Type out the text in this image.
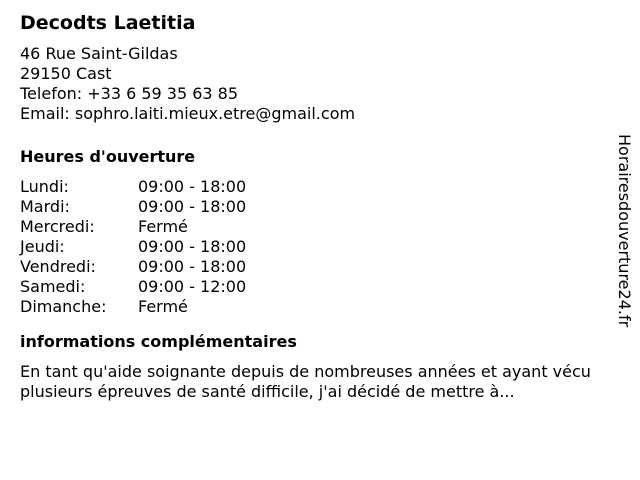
Decodts Laetitia
46 Rue Saint-Gildas
29150 Cast
Telefon: +33 6 59 35 63 85
Email: sophro.laiti.mieux.etre@gmail.com
Heures d'ouverture
Lundi:	09:00 - 18:00
Mardi:	09:00 - 18:00
Mercredi:	Fermé
Jeudi:	09:00 - 18:00
Vendredi:	09:00 - 18:00
Samedi:	09:00 - 12:00
Dimanche:	Fermé
informations complémentaires
En tant qu'aide soignante depuis de nombreuses années et ayant vécu plusieurs épreuves de santé difficile, j'ai décidé de mettre à...
Horairesdouverture24.fr
